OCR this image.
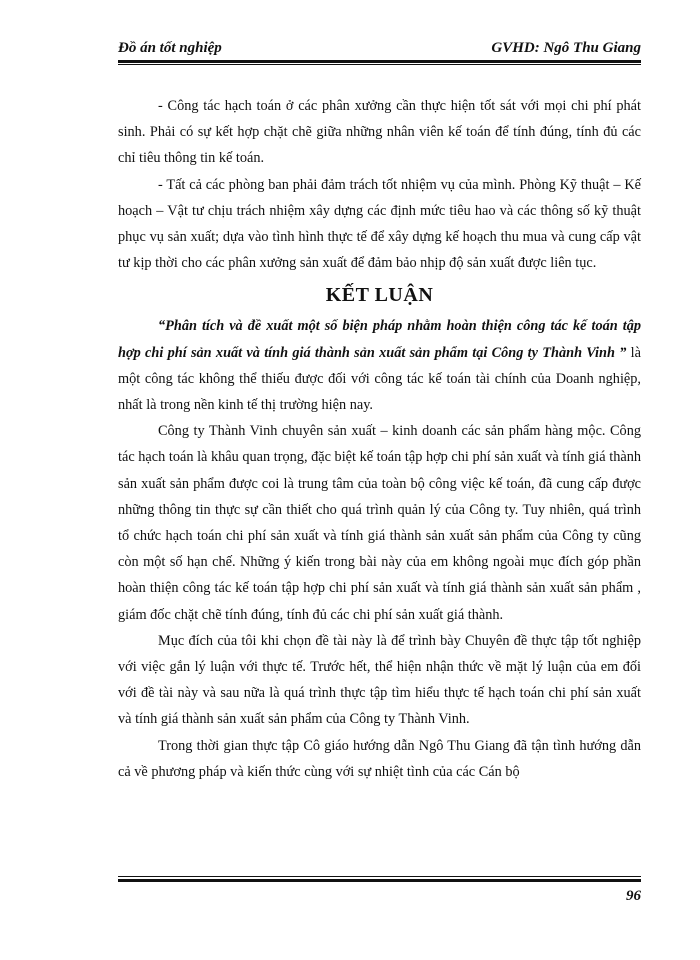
Đồ án tốt nghiệp	GVHD: Ngô Thu Giang

- Công tác hạch toán ở các phân xưởng cần thực hiện tốt sát với mọi chi phí phát sinh. Phải có sự kết hợp chặt chẽ giữa những nhân viên kế toán để tính đúng, tính đủ các chỉ tiêu thông tin kế toán.

- Tất cả các phòng ban phải đảm trách tốt nhiệm vụ của mình. Phòng Kỹ thuật – Kế hoạch – Vật tư chịu trách nhiệm xây dựng các định mức tiêu hao và các thông số kỹ thuật phục vụ sản xuất; dựa vào tình hình thực tế để xây dựng kế hoạch thu mua và cung cấp vật tư kịp thời cho các phân xưởng sản xuất để đảm bảo nhịp độ sản xuất được liên tục.

KẾT LUẬN

“Phân tích và đề xuất một số biện pháp nhằm hoàn thiện công tác kế toán tập hợp chi phí sản xuất và tính giá thành sản xuất sản phẩm tại Công ty Thành Vinh ” là một công tác không thể thiếu được đối với công tác kế toán tài chính của Doanh nghiệp, nhất là trong nền kinh tế thị trường hiện nay.

Công ty Thành Vinh chuyên sản xuất – kinh doanh các sản phẩm hàng mộc. Công tác hạch toán là khâu quan trọng, đặc biệt kế toán tập hợp chi phí sản xuất và tính giá thành sản xuất sản phẩm được coi là trung tâm của toàn bộ công việc kế toán, đã cung cấp được những thông tin thực sự cần thiết cho quá trình quản lý của Công ty. Tuy nhiên, quá trình tổ chức hạch toán chi phí sản xuất và tính giá thành sản xuất sản phẩm của Công ty cũng còn một số hạn chế. Những ý kiến trong bài này của em không ngoài mục đích góp phần hoàn thiện công tác kế toán tập hợp chi phí sản xuất và tính giá thành sản xuất sản phẩm , giám đốc chặt chẽ tính đúng, tính đủ các chi phí sản xuất giá thành.

Mục đích của tôi khi chọn đề tài này là để trình bày Chuyên đề thực tập tốt nghiệp với việc gắn lý luận với thực tế. Trước hết, thể hiện nhận thức về mặt lý luận của em đối với đề tài này và sau nữa là quá trình thực tập tìm hiểu thực tế hạch toán chi phí sản xuất và tính giá thành sản xuất sản phẩm của Công ty Thành Vinh.

Trong thời gian thực tập Cô giáo hướng dẫn Ngô Thu Giang đã tận tình hướng dẫn cả về phương pháp và kiến thức cùng với sự nhiệt tình của các Cán bộ

96
